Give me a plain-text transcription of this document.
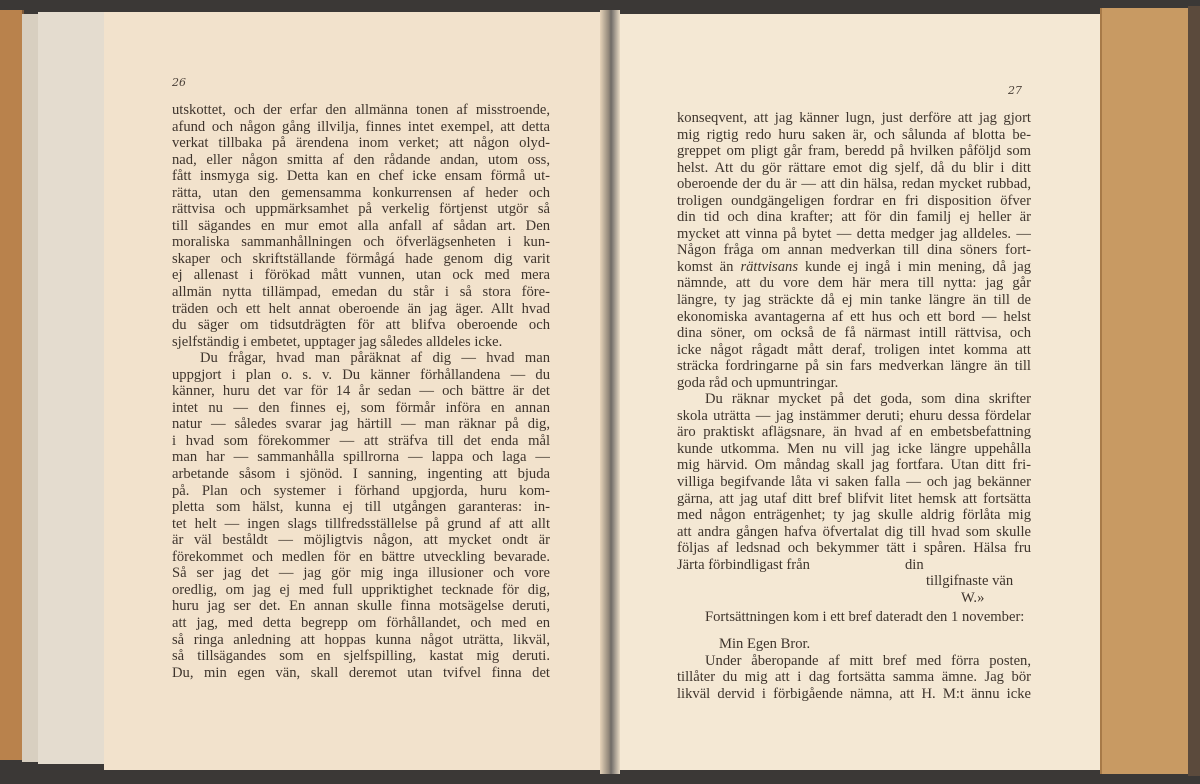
26
27
utskottet, och der erfar den allmänna tonen af misstroende,
afund och någon gång illvilja, finnes intet exempel, att detta
verkat tillbaka på ärendena inom verket; att någon olyd-
nad, eller någon smitta af den rådande andan, utom oss,
fått insmyga sig. Detta kan en chef icke ensam förmå ut-
rätta, utan den gemensamma konkurrensen af heder och
rättvisa och uppmärksamhet på verkelig förtjenst utgör så
till sägandes en mur emot alla anfall af sådan art. Den
moraliska sammanhållningen och öfverlägsenheten i kun-
skaper och skriftställande förmågá hade genom dig varit
ej allenast i förökad mått vunnen, utan ock med mera
allmän nytta tillämpad, emedan du står i så stora före-
träden och ett helt annat oberoende än jag äger. Allt hvad
du säger om tidsutdrägten för att blifva oberoende och
sjelfständig i embetet, upptager jag således alldeles icke.
Du frågar, hvad man påräknat af dig — hvad man
uppgjort i plan o. s. v. Du känner förhållandena — du
känner, huru det var för 14 år sedan — och bättre är det
intet nu — den finnes ej, som förmår införa en annan
natur — således svarar jag härtill — man räknar på dig,
i hvad som förekommer — att sträfva till det enda mål
man har — sammanhålla spillrorna — lappa och laga —
arbetande såsom i sjönöd. I sanning, ingenting att bjuda
på. Plan och systemer i förhand upgjorda, huru kom-
pletta som hälst, kunna ej till utgången garanteras: in-
tet helt — ingen slags tillfredsställelse på grund af att allt
är väl beståldt — möjligtvis någon, att mycket ondt är
förekommet och medlen för en bättre utveckling bevarade.
Så ser jag det — jag gör mig inga illusioner och vore
oredlig, om jag ej med full uppriktighet tecknade för dig,
huru jag ser det. En annan skulle finna motsägelse deruti,
att jag, med detta begrepp om förhållandet, och med en
så ringa anledning att hoppas kunna något uträtta, likväl,
så tillsägandes som en sjelfspilling, kastat mig deruti.
Du, min egen vän, skall deremot utan tvifvel finna det
konseqvent, att jag känner lugn, just derföre att jag gjort
mig rigtig redo huru saken är, och sålunda af blotta be-
greppet om pligt går fram, beredd på hvilken påföljd som
helst. Att du gör rättare emot dig sjelf, då du blir i ditt
oberoende der du är — att din hälsa, redan mycket rubbad,
troligen oundgängeligen fordrar en fri disposition öfver
din tid och dina krafter; att för din familj ej heller är
mycket att vinna på bytet — detta medger jag alldeles. —
Någon fråga om annan medverkan till dina söners fort-
komst än rättvisans kunde ej ingå i min mening, då jag
nämnde, att du vore dem här mera till nytta: jag går
längre, ty jag sträckte då ej min tanke längre än till de
ekonomiska avantagerna af ett hus och ett bord — helst
dina söner, om också de få närmast intill rättvisa, och
icke något rågadt mått deraf, troligen intet komma att
sträcka fordringarne på sin fars medverkan längre än till
goda råd och upmuntringar.
Du räknar mycket på det goda, som dina skrifter
skola uträtta — jag instämmer deruti; ehuru dessa fördelar
äro praktiskt aflägsnare, än hvad af en embetsbefattning
kunde utkomma. Men nu vill jag icke längre uppehålla
mig härvid. Om måndag skall jag fortfara. Utan ditt fri-
villiga begifvande låta vi saken falla — och jag bekänner
gärna, att jag utaf ditt bref blifvit litet hemsk att fortsätta
med någon enträgenhet; ty jag skulle aldrig förlåta mig
att andra gången hafva öfvertalat dig till hvad som skulle
följas af ledsnad och bekymmer tätt i spåren. Hälsa fru
Järta förbindligast från	din
tillgifnaste vän
W.»
Fortsättningen kom i ett bref dateradt den 1 november:
Min Egen Bror.
Under åberopande af mitt bref med förra posten,
tillåter du mig att i dag fortsätta samma ämne. Jag bör
likväl dervid i förbigående nämna, att H. M:t ännu icke
